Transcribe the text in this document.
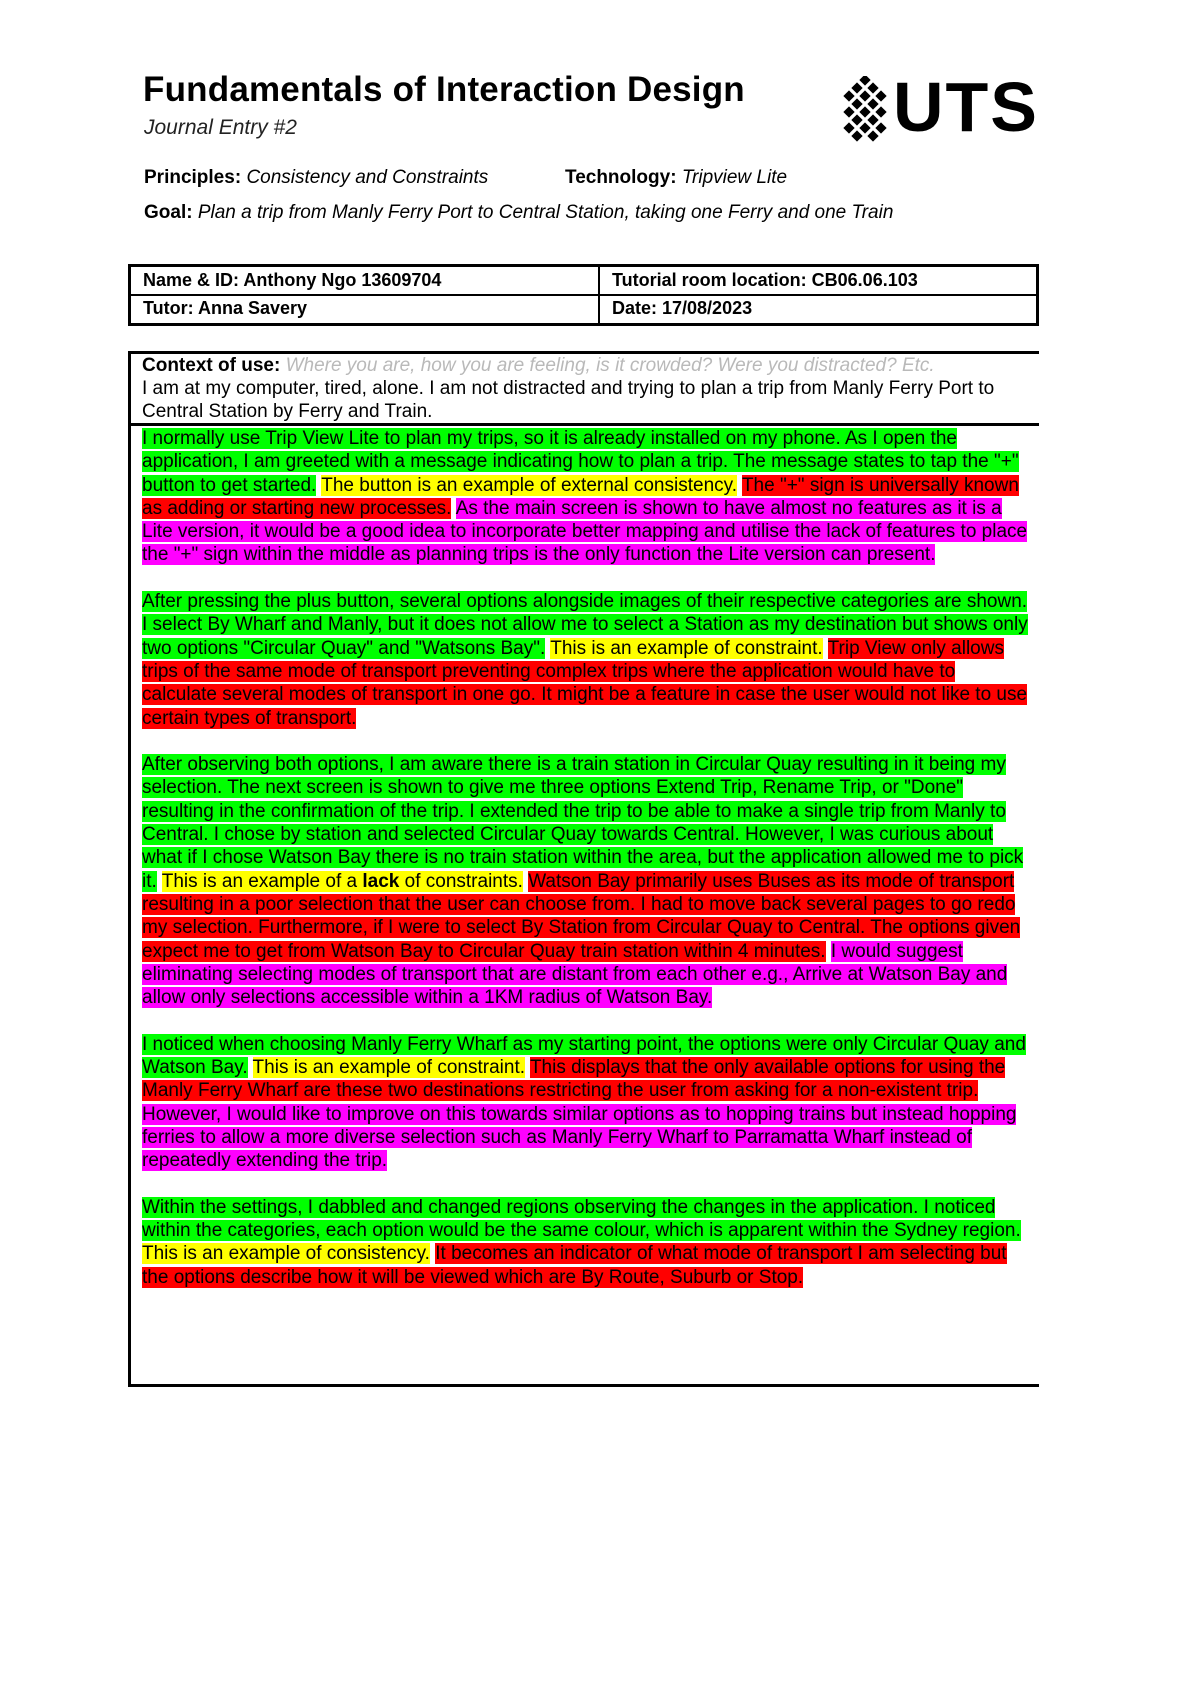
Fundamentals of Interaction Design
Journal Entry #2	UTS
Principles: Consistency and Constraints	Technology: Tripview Lite
Goal: Plan a trip from Manly Ferry Port to Central Station, taking one Ferry and one Train
Name & ID: Anthony Ngo 13609704	Tutorial room location: CB06.06.103
Tutor: Anna Savery	Date: 17/08/2023
Context of use: Where you are, how you are feeling, is it crowded? Were you distracted? Etc.
I am at my computer, tired, alone. I am not distracted and trying to plan a trip from Manly Ferry Port to Central Station by Ferry and Train.

I normally use Trip View Lite to plan my trips, so it is already installed on my phone. As I open the application, I am greeted with a message indicating how to plan a trip. The message states to tap the "+" button to get started. The button is an example of external consistency. The "+" sign is universally known as adding or starting new processes. As the main screen is shown to have almost no features as it is a Lite version, it would be a good idea to incorporate better mapping and utilise the lack of features to place the "+" sign within the middle as planning trips is the only function the Lite version can present.

After pressing the plus button, several options alongside images of their respective categories are shown. I select By Wharf and Manly, but it does not allow me to select a Station as my destination but shows only two options "Circular Quay" and "Watsons Bay". This is an example of constraint. Trip View only allows trips of the same mode of transport preventing complex trips where the application would have to calculate several modes of transport in one go. It might be a feature in case the user would not like to use certain types of transport.

After observing both options, I am aware there is a train station in Circular Quay resulting in it being my selection. The next screen is shown to give me three options Extend Trip, Rename Trip, or "Done" resulting in the confirmation of the trip. I extended the trip to be able to make a single trip from Manly to Central. I chose by station and selected Circular Quay towards Central. However, I was curious about what if I chose Watson Bay there is no train station within the area, but the application allowed me to pick it. This is an example of a lack of constraints. Watson Bay primarily uses Buses as its mode of transport resulting in a poor selection that the user can choose from. I had to move back several pages to go redo my selection. Furthermore, if I were to select By Station from Circular Quay to Central. The options given expect me to get from Watson Bay to Circular Quay train station within 4 minutes. I would suggest eliminating selecting modes of transport that are distant from each other e.g., Arrive at Watson Bay and allow only selections accessible within a 1KM radius of Watson Bay.

I noticed when choosing Manly Ferry Wharf as my starting point, the options were only Circular Quay and Watson Bay. This is an example of constraint. This displays that the only available options for using the Manly Ferry Wharf are these two destinations restricting the user from asking for a non-existent trip. However, I would like to improve on this towards similar options as to hopping trains but instead hopping ferries to allow a more diverse selection such as Manly Ferry Wharf to Parramatta Wharf instead of repeatedly extending the trip.

Within the settings, I dabbled and changed regions observing the changes in the application. I noticed within the categories, each option would be the same colour, which is apparent within the Sydney region. This is an example of consistency. It becomes an indicator of what mode of transport I am selecting but the options describe how it will be viewed which are By Route, Suburb or Stop.
